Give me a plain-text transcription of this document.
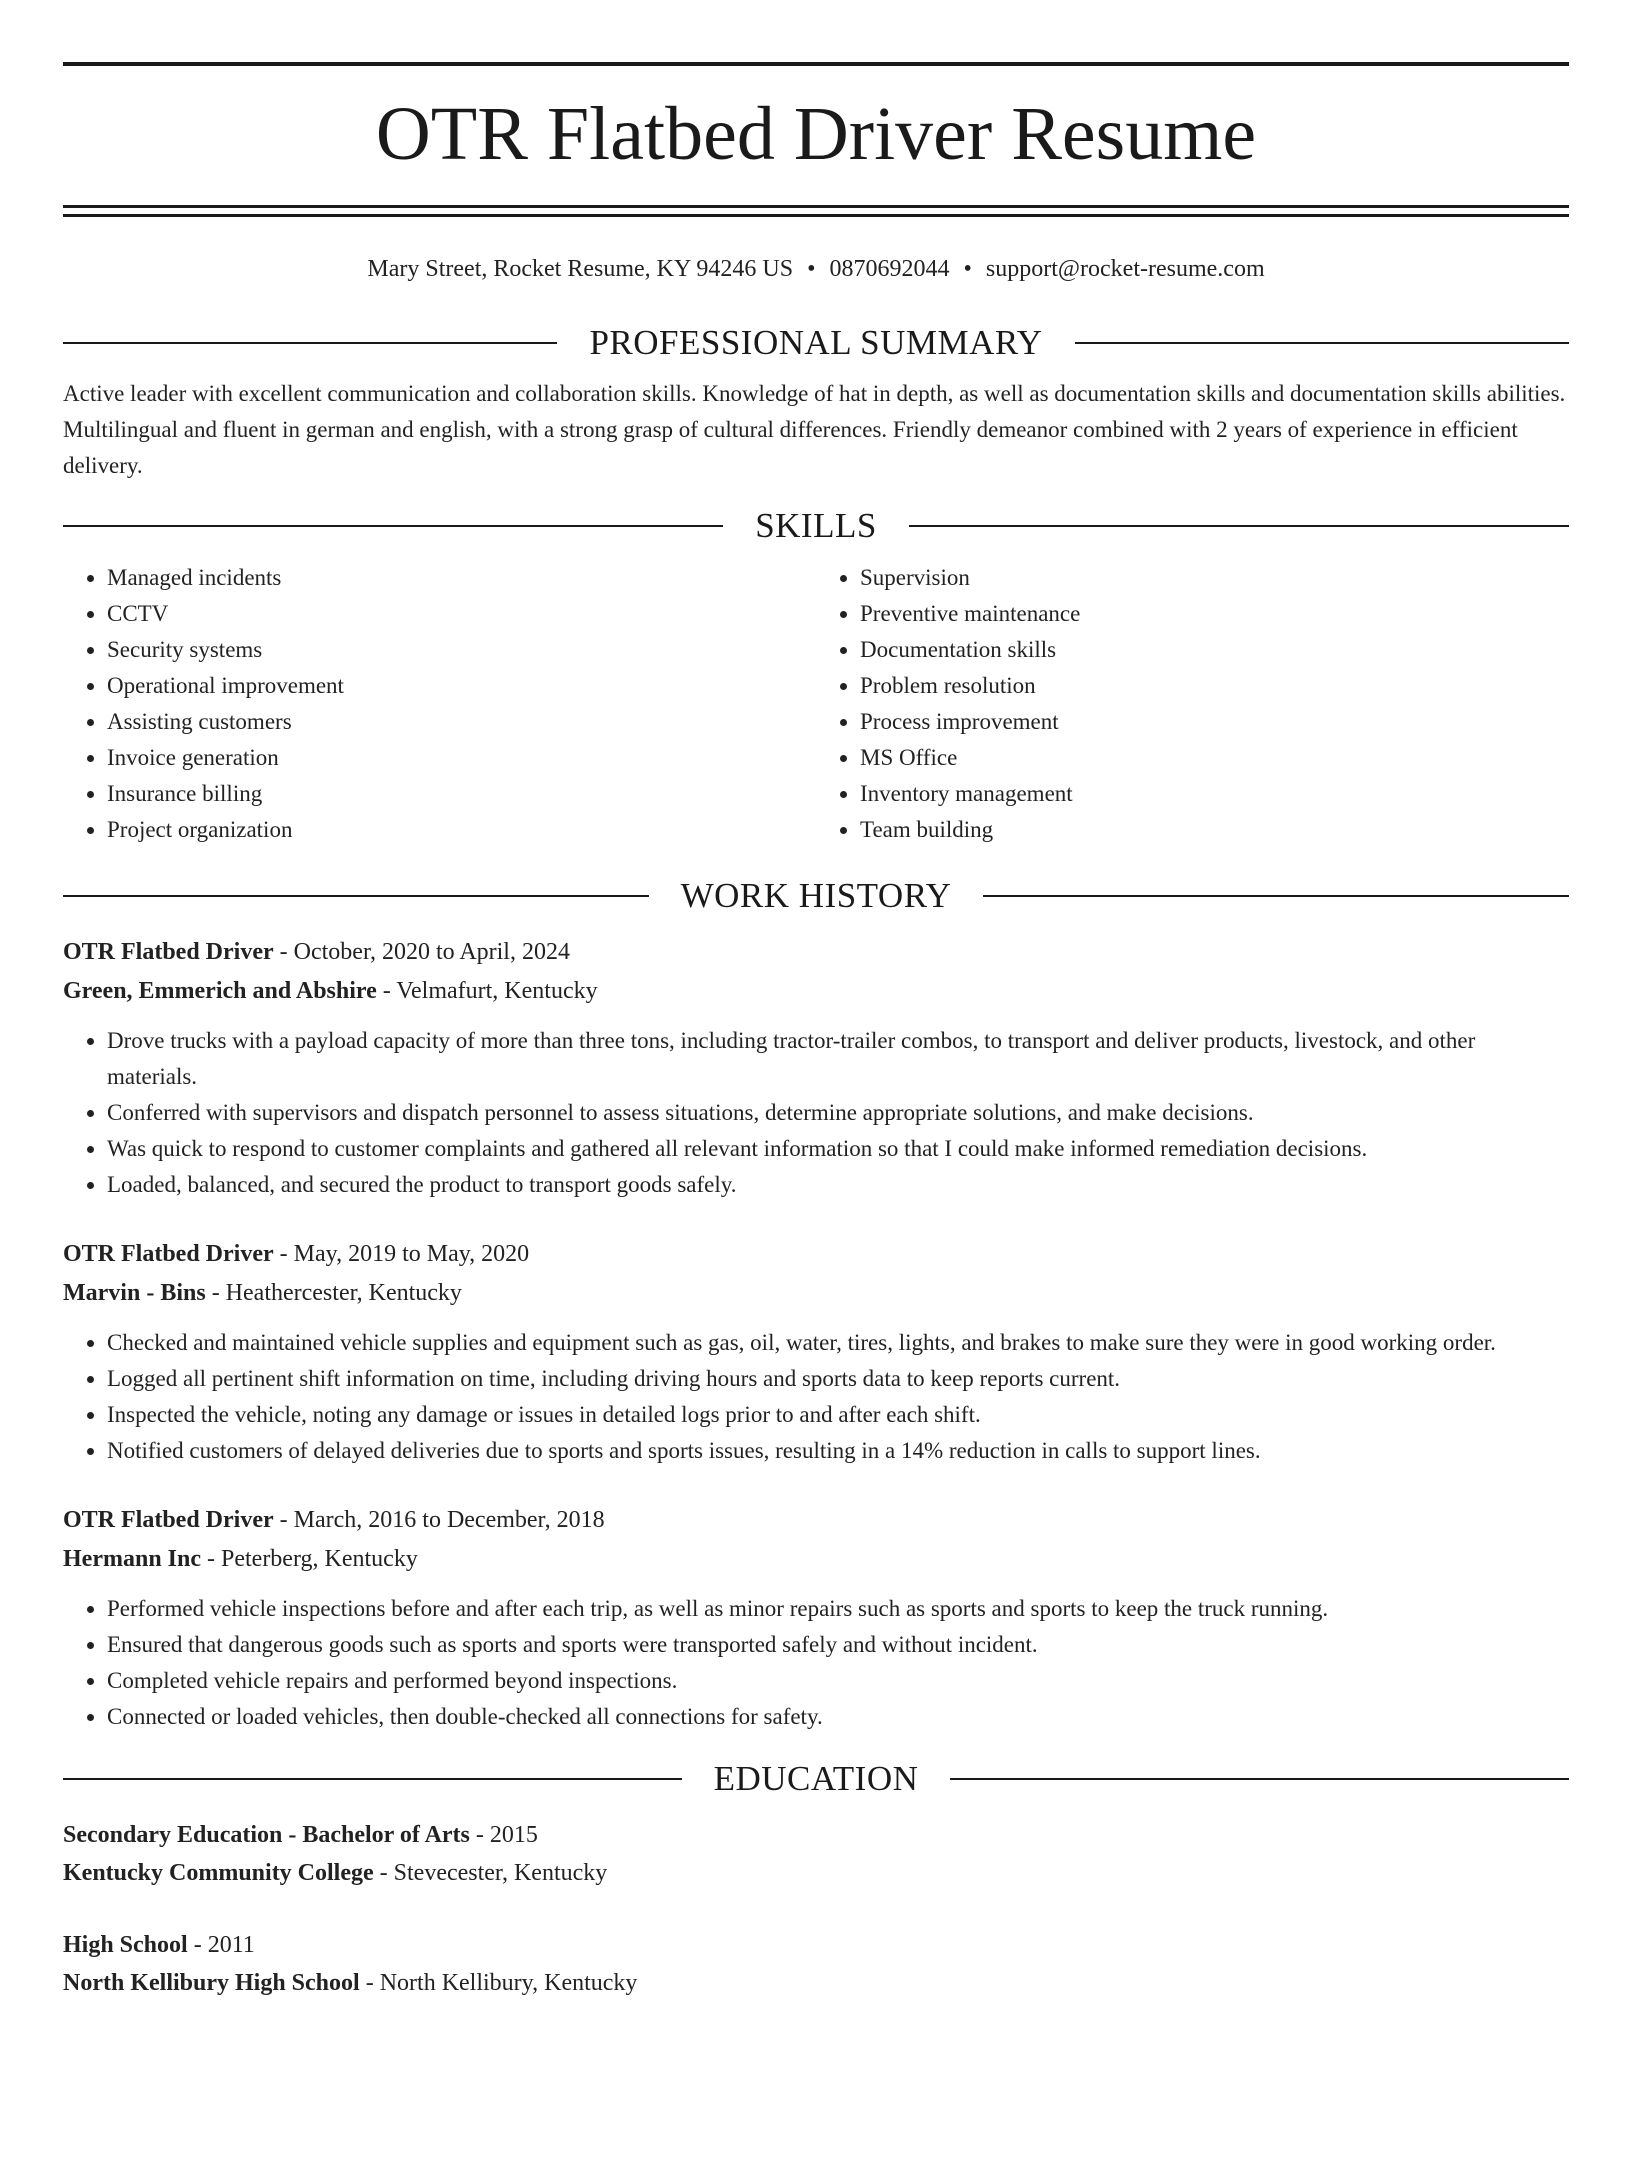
OTR Flatbed Driver Resume
Mary Street, Rocket Resume, KY 94246 US • 0870692044 • support@rocket-resume.com
PROFESSIONAL SUMMARY

Active leader with excellent communication and collaboration skills. Knowledge of hat in depth, as well as documentation skills and documentation skills abilities. Multilingual and fluent in german and english, with a strong grasp of cultural differences. Friendly demeanor combined with 2 years of experience in efficient delivery.

SKILLS
• Managed incidents
• CCTV
• Security systems
• Operational improvement
• Assisting customers
• Invoice generation
• Insurance billing
• Project organization
• Supervision
• Preventive maintenance
• Documentation skills
• Problem resolution
• Process improvement
• MS Office
• Inventory management
• Team building
WORK HISTORY
OTR Flatbed Driver - October, 2020 to April, 2024
Green, Emmerich and Abshire - Velmafurt, Kentucky
• Drove trucks with a payload capacity of more than three tons, including tractor-trailer combos, to transport and deliver products, livestock, and other materials.
• Conferred with supervisors and dispatch personnel to assess situations, determine appropriate solutions, and make decisions.
• Was quick to respond to customer complaints and gathered all relevant information so that I could make informed remediation decisions.
• Loaded, balanced, and secured the product to transport goods safely.
OTR Flatbed Driver - May, 2019 to May, 2020
Marvin - Bins - Heathercester, Kentucky
• Checked and maintained vehicle supplies and equipment such as gas, oil, water, tires, lights, and brakes to make sure they were in good working order.
• Logged all pertinent shift information on time, including driving hours and sports data to keep reports current.
• Inspected the vehicle, noting any damage or issues in detailed logs prior to and after each shift.
• Notified customers of delayed deliveries due to sports and sports issues, resulting in a 14% reduction in calls to support lines.
OTR Flatbed Driver - March, 2016 to December, 2018
Hermann Inc - Peterberg, Kentucky
• Performed vehicle inspections before and after each trip, as well as minor repairs such as sports and sports to keep the truck running.
• Ensured that dangerous goods such as sports and sports were transported safely and without incident.
• Completed vehicle repairs and performed beyond inspections.
• Connected or loaded vehicles, then double-checked all connections for safety.
EDUCATION
Secondary Education - Bachelor of Arts - 2015
Kentucky Community College - Stevecester, Kentucky
High School - 2011
North Kellibury High School - North Kellibury, Kentucky
